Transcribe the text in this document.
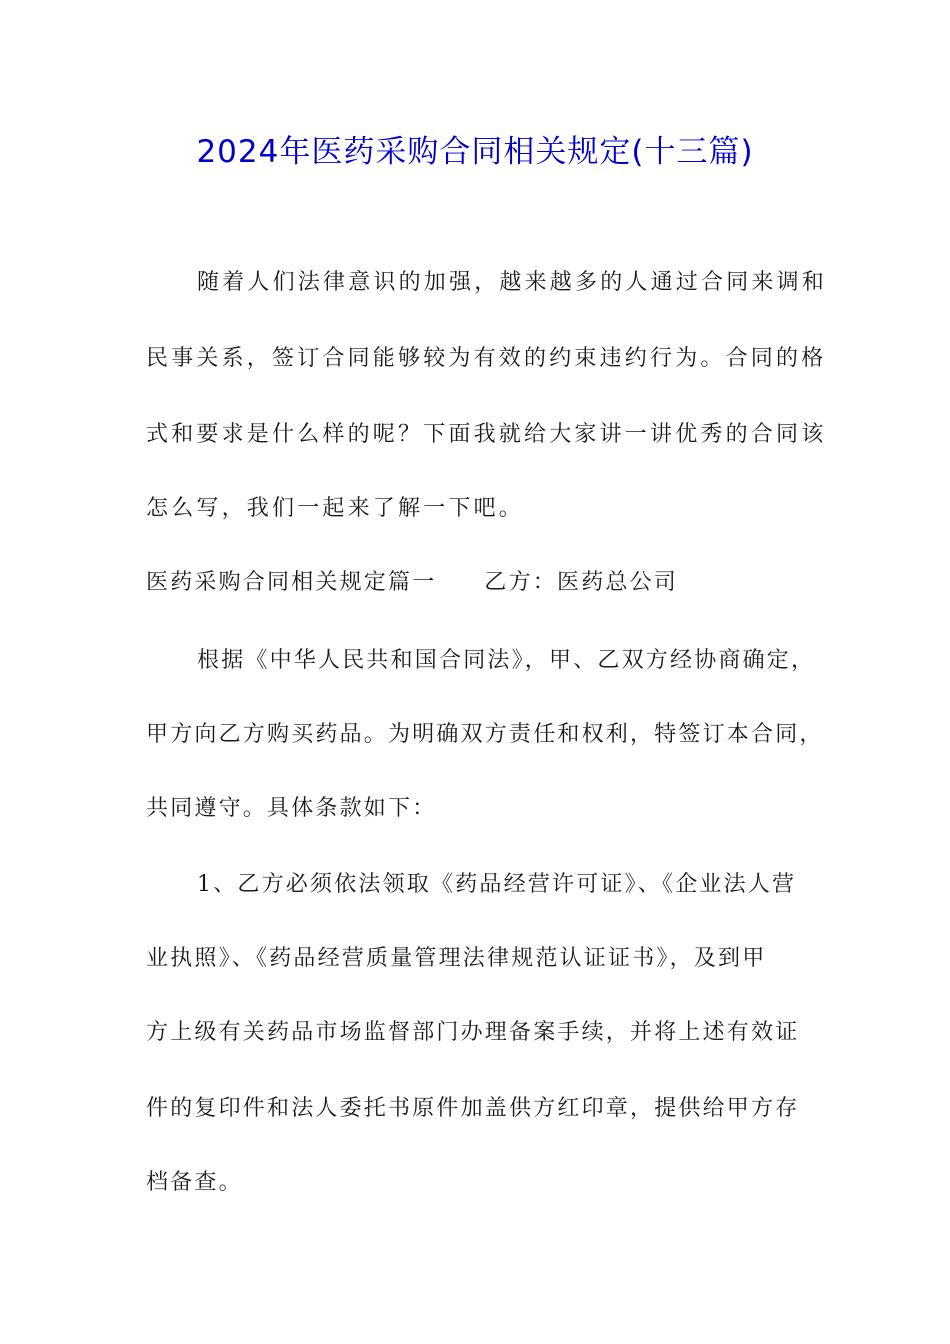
2024年医药采购合同相关规定(十三篇)
随着人们法律意识的加强，越来越多的人通过合同来调和
民事关系，签订合同能够较为有效的约束违约行为。合同的格
式和要求是什么样的呢？下面我就给大家讲一讲优秀的合同该
怎么写，我们一起来了解一下吧。
医药采购合同相关规定篇一 乙方：医药总公司
根据《中华人民共和国合同法》，甲、乙双方经协商确定，
甲方向乙方购买药品。为明确双方责任和权利，特签订本合同，
共同遵守。具体条款如下：
1、乙方必须依法领取《药品经营许可证》、《企业法人营
业执照》、《药品经营质量管理法律规范认证证书》，及到甲
方上级有关药品市场监督部门办理备案手续，并将上述有效证
件的复印件和法人委托书原件加盖供方红印章，提供给甲方存
档备查。
